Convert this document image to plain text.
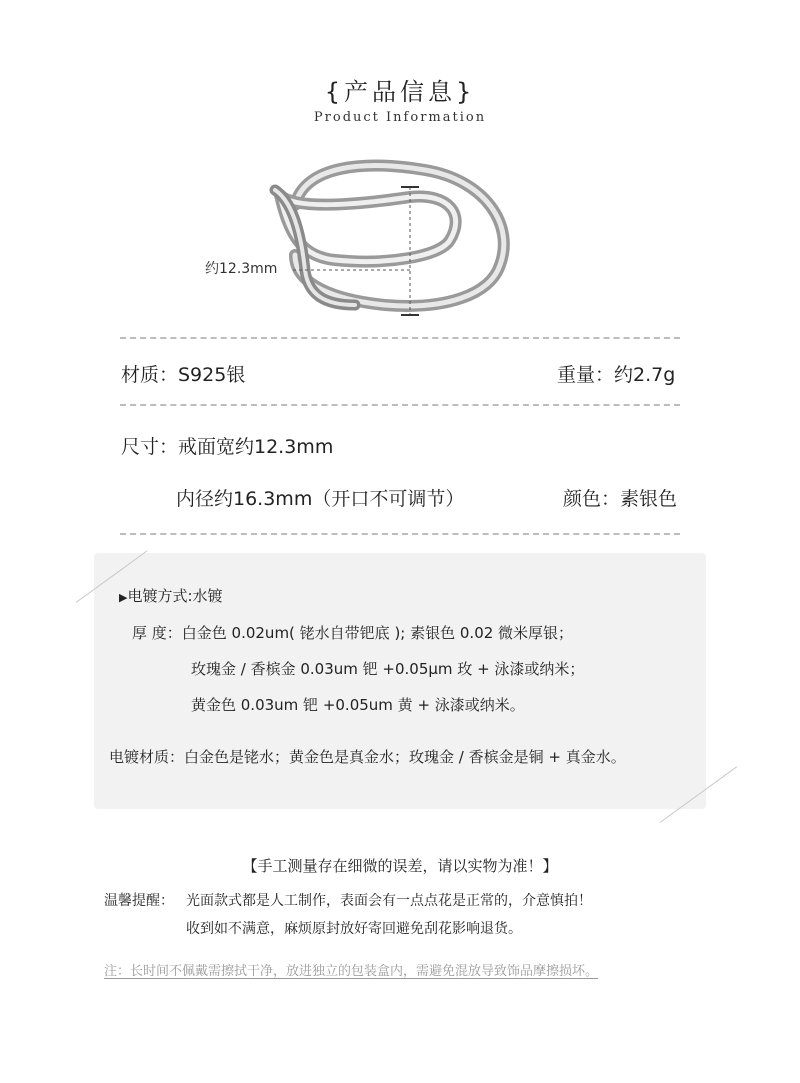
{产品信息}
Product Information
约12.3mm
材质：S925银	重量：约2.7g
尺寸：戒面宽约12.3mm
内径约16.3mm（开口不可调节）	颜色：素银色
▶电镀方式:水镀
厚 度：白金色 0.02um( 铑水自带钯底 ); 素银色 0.02 微米厚银；
玫瑰金 / 香槟金 0.03um 钯 +0.05μm 玫 + 泳漆或纳米；
黄金色 0.03um 钯 +0.05um 黄 + 泳漆或纳米。
电镀材质：白金色是铑水；黄金色是真金水；玫瑰金 / 香槟金是铜 + 真金水。
【手工测量存在细微的误差，请以实物为准！】
温馨提醒： 光面款式都是人工制作，表面会有一点点花是正常的，介意慎拍！
收到如不满意，麻烦原封放好寄回避免刮花影响退货。
注：长时间不佩戴需擦拭干净，放进独立的包装盒内，需避免混放导致饰品摩擦损坏。
